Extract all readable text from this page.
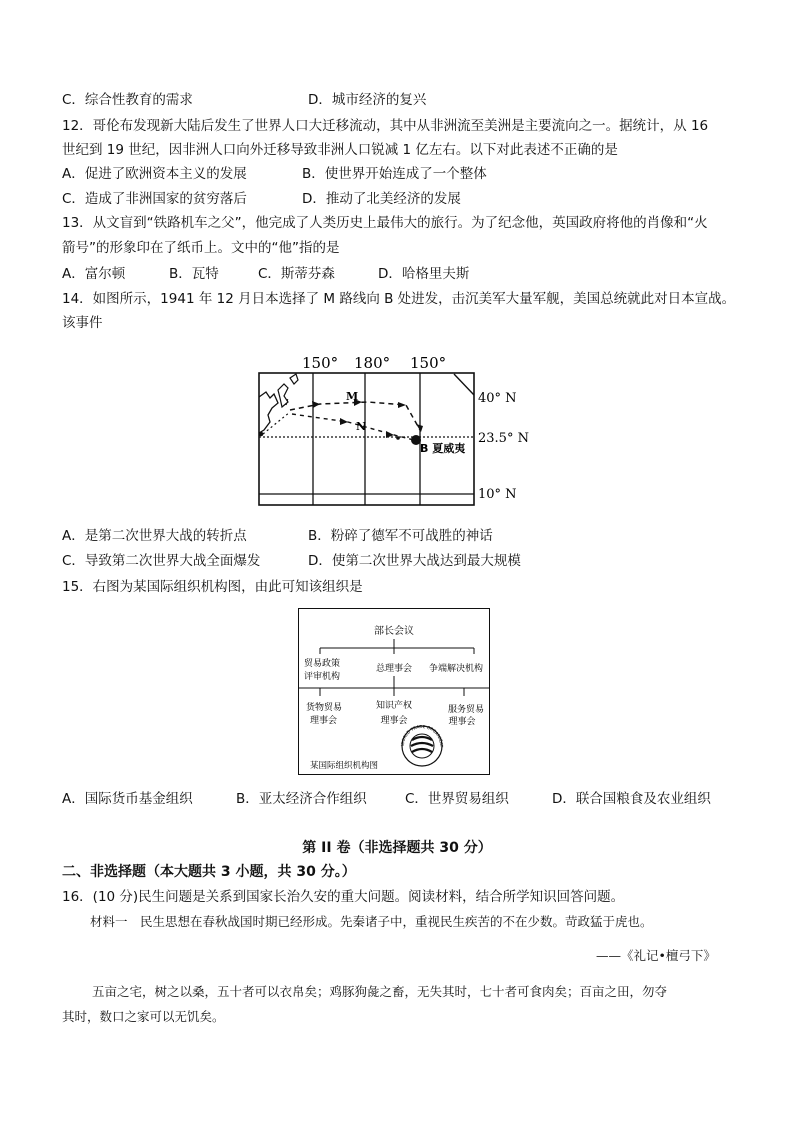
C．综合性教育的需求	D．城市经济的复兴
12．哥伦布发现新大陆后发生了世界人口大迁移流动，其中从非洲流至美洲是主要流向之一。据统计，从 16
世纪到 19 世纪，因非洲人口向外迁移导致非洲人口锐减 1 亿左右。以下对此表述不正确的是
A．促进了欧洲资本主义的发展	B．使世界开始连成了一个整体
C．造成了非洲国家的贫穷落后	D．推动了北美经济的发展
13．从文盲到“铁路机车之父”，他完成了人类历史上最伟大的旅行。为了纪念他，英国政府将他的肖像和“火
箭号”的形象印在了纸币上。文中的“他”指的是
A．富尔顿	B．瓦特	C．斯蒂芬森	D．哈格里夫斯
14．如图所示，1941 年 12 月日本选择了 M 路线向 B 处进发，击沉美军大量军舰，美国总统就此对日本宣战。
该事件
150° 180° 150°
40° N
23.5° N
10° N
M
N
B 夏威夷
A．是第二次世界大战的转折点	B．粉碎了德军不可战胜的神话
C．导致第二次世界大战全面爆发	D．使第二次世界大战达到最大规模
15．右图为某国际组织机构图，由此可知该组织是
部长会议
贸易政策
评审机构
总理事会 争端解决机构
货物贸易
理事会
知识产权
理事会
服务贸易
理事会
WORLD TRADE ORGANIZAT
某国际组织机构图
A．国际货币基金组织	B．亚太经济合作组织	C．世界贸易组织	D．联合国粮食及农业组织
第 II 卷（非选择题共 30 分）
二、非选择题（本大题共 3 小题，共 30 分。）
16．(10 分)民生问题是关系到国家长治久安的重大问题。阅读材料，结合所学知识回答问题。
材料一　民生思想在春秋战国时期已经形成。先秦诸子中，重视民生疾苦的不在少数。苛政猛于虎也。
——《礼记•檀弓下》
五亩之宅，树之以桑，五十者可以衣帛矣；鸡豚狗彘之畜，无失其时，七十者可食肉矣；百亩之田，勿夺
其时，数口之家可以无饥矣。
